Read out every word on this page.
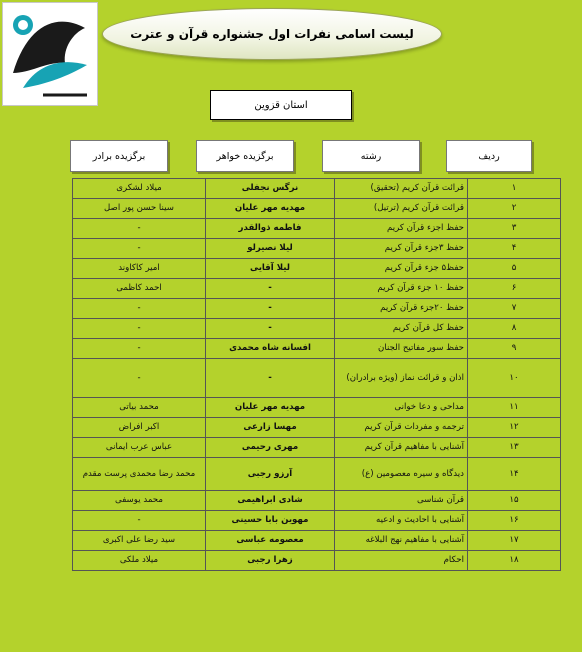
لیست اسامی نفرات اول جشنواره قرآن و عترت
استان قزوین
برگزیده برادر	برگزیده خواهر	رشته	ردیف
۱	قرائت قرآن کریم (تحقیق)	نرگس نجفلی	میلاد لشکری
۲	قرائت قرآن کریم (ترتیل)	مهدیه مهر علیان	سینا حسن پور اصل
۳	حفظ اجزء قرآن کریم	فاطمه ذوالقدر	-
۴	حفظ ۳جزء قرآن کریم	لیلا نصیرلو	-
۵	حفظ۵ جزء قرآن کریم	لیلا آقایی	امیر کاکاوند
۶	حفظ ۱۰ جزء قرآن کریم	-	احمد کاظمی
۷	حفظ ۲۰جزء قرآن کریم	-	-
۸	حفظ کل قرآن کریم	-	-
۹	حفظ سور مفاتیح الجنان	افسانه شاه محمدی	-
۱۰	اذان و قرائت نماز (ویژه برادران)	-	-
۱۱	مداحی و دعا خوانی	مهدیه مهر علیان	محمد بیاتی
۱۲	ترجمه و مفردات قرآن کریم	مهسا زارعی	اکبر افراض
۱۳	آشنایی با مفاهیم قرآن کریم	مهری رحیمی	عباس عرب ایمانی
۱۴	دیدگاه و سیره معصومین (ع)	آرزو رجبی	محمد رضا محمدی پرست مقدم
۱۵	قرآن شناسی	شادی ابراهیمی	محمد یوسفی
۱۶	آشنایی با احادیث و ادعیه	مهوین بابا حسینی	-
۱۷	آشنایی با مفاهیم نهج البلاغه	معصومه عباسی	سید رضا علی اکبری
۱۸	احکام	زهرا رجبی	میلاد ملکی
